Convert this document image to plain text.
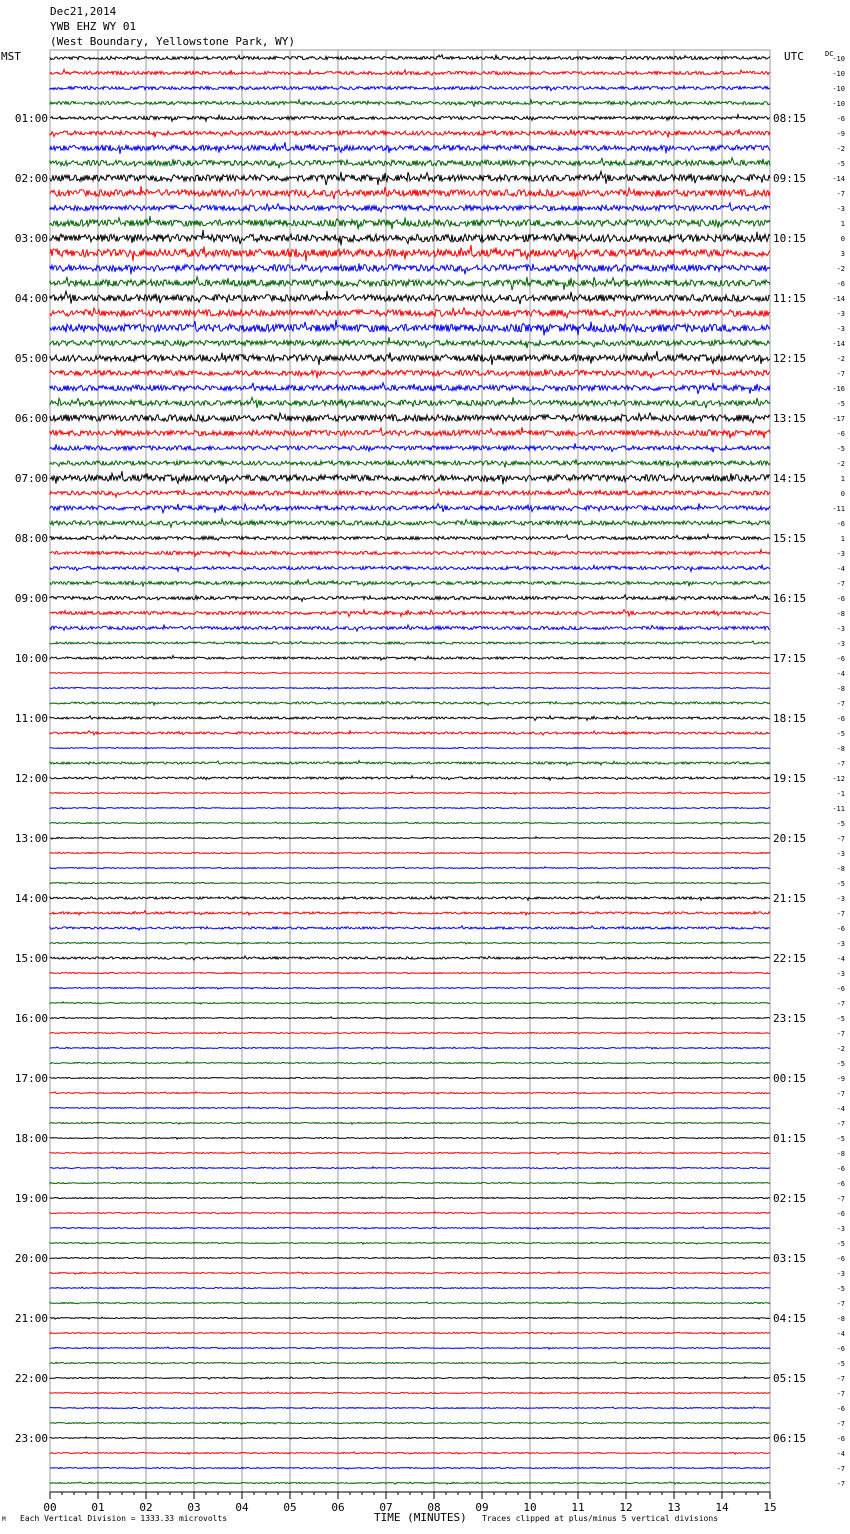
Dec21,2014
YWB EHZ WY 01
(West Boundary, Yellowstone Park, WY)
MST	UTC	DC
-10
-10
-10
-10
-6
01:00	08:15
-9
-2
-5
-14
02:00	09:15
-7
-3
1
0
03:00	10:15
3
-2
-6
-14
04:00	11:15
-3
-3
-14
-2
05:00	12:15
-7
-16
-5
-17
06:00	13:15
-6
-5
-2
1
07:00	14:15
0
-11
-6
1
08:00	15:15
-3
-4
-7
-6
09:00	16:15
-8
-3
-3
-6
10:00	17:15
-4
-8
-7
-6
11:00	18:15
-5
-8
-7
-12
12:00	19:15
-1
-11
-5
-7
13:00	20:15
-3
-8
-5
-3
14:00	21:15
-7
-6
-3
-4
15:00	22:15
-3
-6
-7
-5
16:00	23:15
-7
-2
-5
-9
17:00	00:15
-7
-4
-7
-5
18:00	01:15
-8
-6
-6
-7
19:00	02:15
-6
-3
-5
-6
20:00	03:15
-3
-5
-7
-8
21:00	04:15
-4
-6
-5
-7
22:00	05:15
-7
-6
-7
-6
23:00	06:15
-4
-7
-7
00	01	02	03	04	05	06	07	08	09	10	11	12	13	14	15
M Each Vertical Division = 1333.33 microvolts	TIME (MINUTES) Traces clipped at plus/minus 5 vertical divisions
